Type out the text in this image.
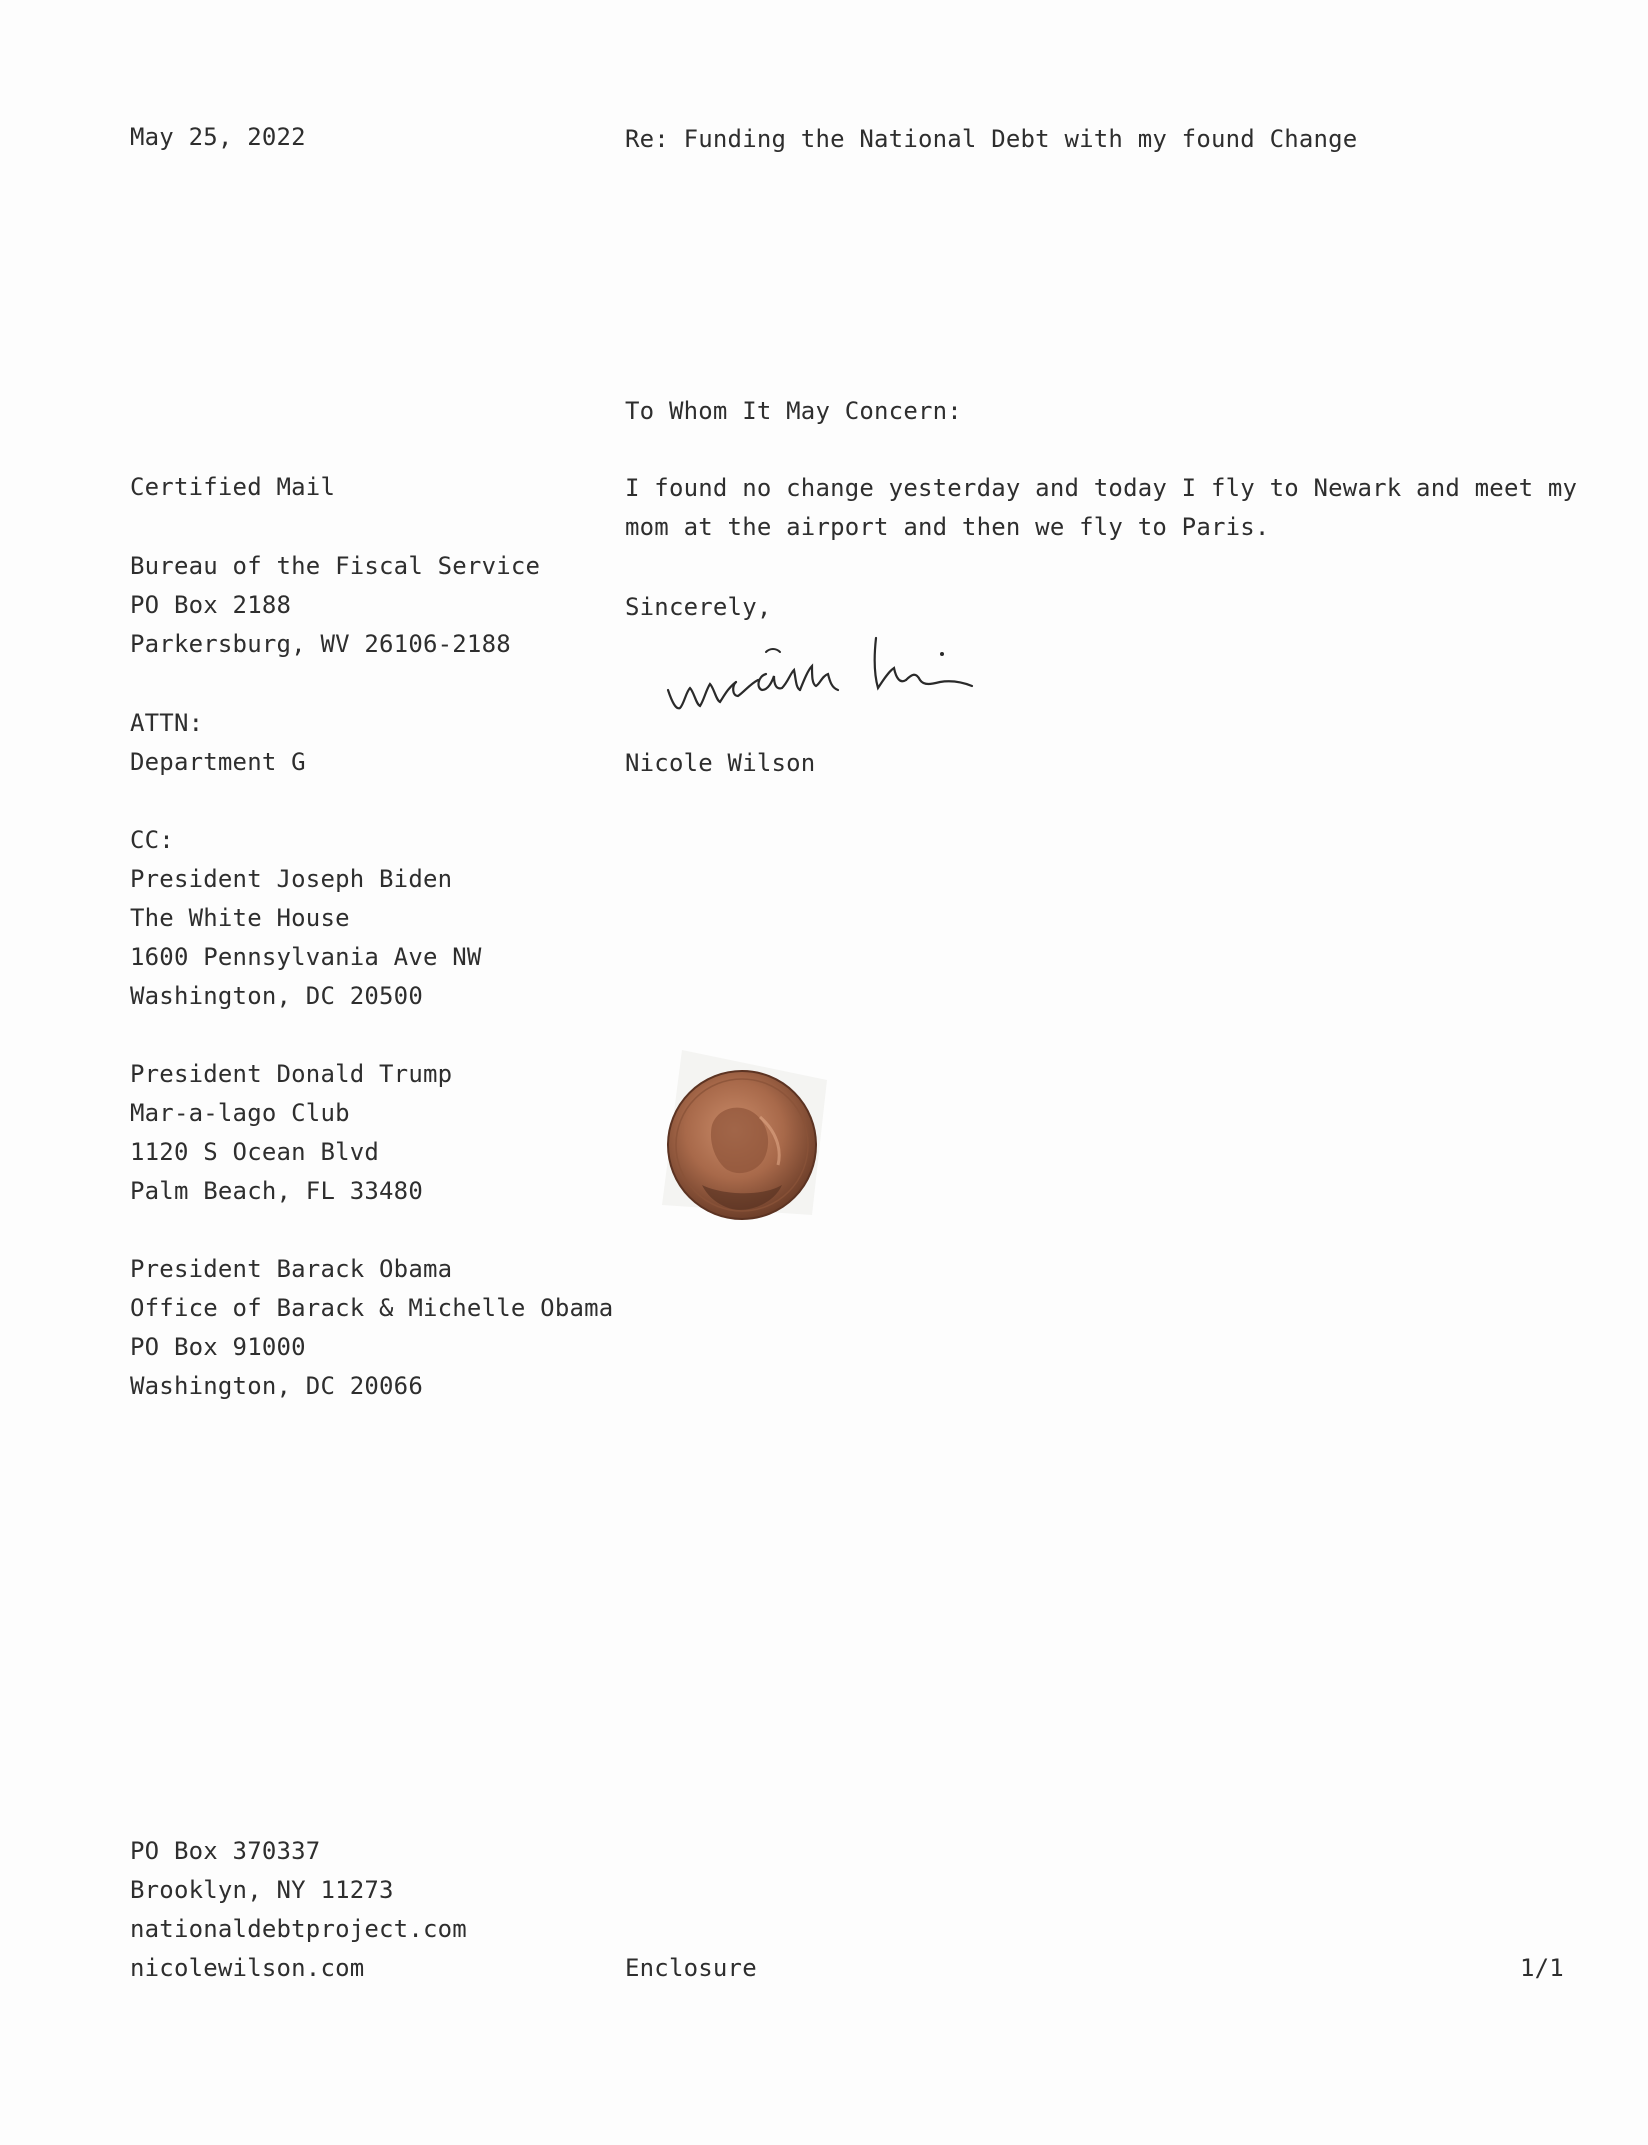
May 25, 2022	Re: Funding the National Debt with my found Change
To Whom It May Concern:
Certified Mail
Bureau of the Fiscal Service
PO Box 2188
Parkersburg, WV 26106-2188
ATTN:
Department G
CC:
President Joseph Biden
The White House
1600 Pennsylvania Ave NW
Washington, DC 20500
President Donald Trump
Mar-a-lago Club
1120 S Ocean Blvd
Palm Beach, FL 33480
President Barack Obama
Office of Barack & Michelle Obama
PO Box 91000
Washington, DC 20066
I found no change yesterday and today I fly to Newark and meet my
mom at the airport and then we fly to Paris.
Sincerely,
Nicole Wilson
PO Box 370337
Brooklyn, NY 11273
nationaldebtproject.com
nicolewilson.com	Enclosure	1/1
